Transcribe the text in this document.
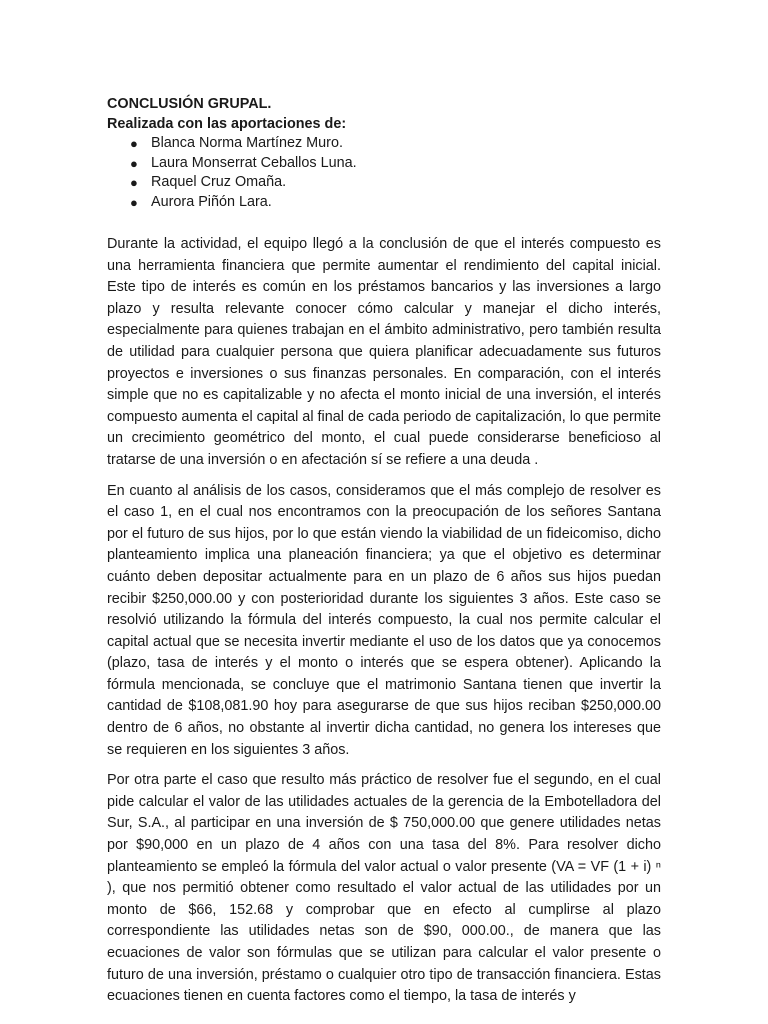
CONCLUSIÓN GRUPAL.

Realizada con las aportaciones de:

● Blanca Norma Martínez Muro.
● Laura Monserrat Ceballos Luna.
● Raquel Cruz Omaña.
● Aurora Piñón Lara.

Durante la actividad, el equipo llegó a la conclusión de que el interés compuesto es una herramienta financiera que permite aumentar el rendimiento del capital inicial. Este tipo de interés es común en los préstamos bancarios y las inversiones a largo plazo y resulta relevante conocer cómo calcular y manejar el dicho interés, especialmente para quienes trabajan en el ámbito administrativo, pero también resulta de utilidad para cualquier persona que quiera planificar adecuadamente sus futuros proyectos e inversiones o sus finanzas personales. En comparación, con el interés simple que no es capitalizable y no afecta el monto inicial de una inversión, el interés compuesto aumenta el capital al final de cada periodo de capitalización, lo que permite un crecimiento geométrico del monto, el cual puede considerarse beneficioso al tratarse de una inversión o en afectación sí se refiere a una deuda .

En cuanto al análisis de los casos, consideramos que el más complejo de resolver es el caso 1, en el cual nos encontramos con la preocupación de los señores Santana por el futuro de sus hijos, por lo que están viendo la viabilidad de un fideicomiso, dicho planteamiento implica una planeación financiera; ya que el objetivo es determinar cuánto deben depositar actualmente para en un plazo de 6 años sus hijos puedan recibir $250,000.00 y con posterioridad durante los siguientes 3 años. Este caso se resolvió utilizando la fórmula del interés compuesto, la cual nos permite calcular el capital actual que se necesita invertir mediante el uso de los datos que ya conocemos (plazo, tasa de interés y el monto o interés que se espera obtener). Aplicando la fórmula mencionada, se concluye que el matrimonio Santana tienen que invertir la cantidad de $108,081.90 hoy para asegurarse de que sus hijos reciban $250,000.00 dentro de 6 años, no obstante al invertir dicha cantidad, no genera los intereses que se requieren en los siguientes 3 años.

Por otra parte el caso que resulto más práctico de resolver fue el segundo, en el cual pide calcular el valor de las utilidades actuales de la gerencia de la Embotelladora del Sur, S.A., al participar en una inversión de $ 750,000.00 que genere utilidades netas por $90,000 en un plazo de 4 años con una tasa del 8%. Para resolver dicho planteamiento se empleó la fórmula del valor actual o valor presente (VA = VF (1 + i) ⁿ ), que nos permitió obtener como resultado el valor actual de las utilidades por un monto de $66, 152.68 y comprobar que en efecto al cumplirse al plazo correspondiente las utilidades netas son de $90, 000.00., de manera que las ecuaciones de valor son fórmulas que se utilizan para calcular el valor presente o futuro de una inversión, préstamo o cualquier otro tipo de transacción financiera. Estas ecuaciones tienen en cuenta factores como el tiempo, la tasa de interés y
